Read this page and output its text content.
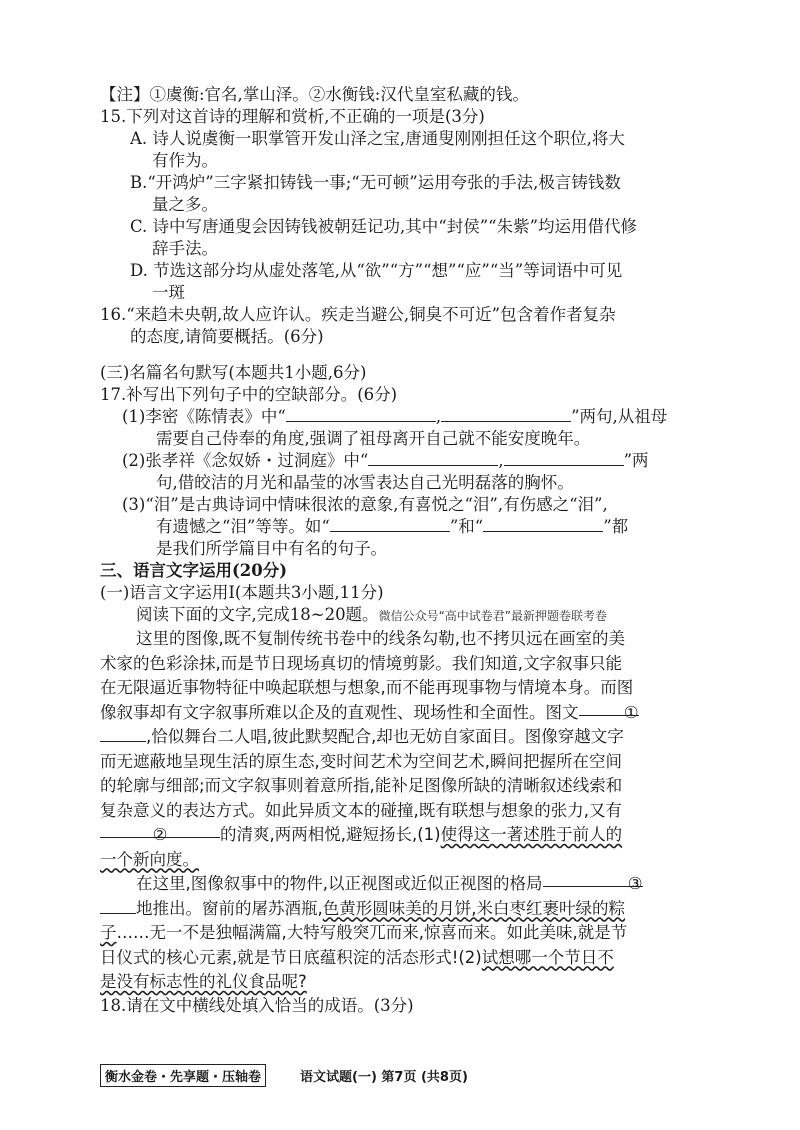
【注】①虞衡:官名,掌山泽。②水衡钱:汉代皇室私藏的钱。
15.下列对这首诗的理解和赏析,不正确的一项是(3分)
A. 诗人说虞衡一职掌管开发山泽之宝,唐通叟刚刚担任这个职位,将大
有作为。
B.“开鸿炉”三字紧扣铸钱一事;“无可顿”运用夸张的手法,极言铸钱数
量之多。
C. 诗中写唐通叟会因铸钱被朝廷记功,其中“封侯”“朱紫”均运用借代修
辞手法。
D. 节选这部分均从虚处落笔,从“欲”“方”“想”“应”“当”等词语中可见
一斑
16.“来趋未央朝,故人应许认。疾走当避公,铜臭不可近”包含着作者复杂
的态度,请简要概括。(6分)
(三)名篇名句默写(本题共1小题,6分)
17.补写出下列句子中的空缺部分。(6分)
(1)李密《陈情表》中“	,	”两句,从祖母
需要自己侍奉的角度,强调了祖母离开自己就不能安度晚年。
(2)张孝祥《念奴娇・过洞庭》中“	,	”两
句,借皎洁的月光和晶莹的冰雪表达自己光明磊落的胸怀。
(3)“泪”是古典诗词中情味很浓的意象,有喜悦之“泪”,有伤感之“泪”,
有遗憾之“泪”等等。如“	”和“	”都
是我们所学篇目中有名的句子。
三、语言文字运用(20分)
(一)语言文字运用Ⅰ(本题共3小题,11分)
阅读下面的文字,完成18~20题。微信公众号“高中试卷君”最新押题卷联考卷
这里的图像,既不复制传统书卷中的线条勾勒,也不拷贝远在画室的美
术家的色彩涂抹,而是节日现场真切的情境剪影。我们知道,文字叙事只能
在无限逼近事物特征中唤起联想与想象,而不能再现事物与情境本身。而图
像叙事却有文字叙事所难以企及的直观性、现场性和全面性。图文	①
,恰似舞台二人唱,彼此默契配合,却也无妨自家面目。图像穿越文字
而无遮蔽地呈现生活的原生态,变时间艺术为空间艺术,瞬间把握所在空间
的轮廓与细部;而文字叙事则着意所指,能补足图像所缺的清晰叙述线索和
复杂意义的表达方式。如此异质文本的碰撞,既有联想与想象的张力,又有
②	的清爽,两两相悦,避短扬长,(1)使得这一著述胜于前人的
一个新向度。
在这里,图像叙事中的物件,以正视图或近似正视图的格局	③
地推出。窗前的屠苏酒瓶,色黄形圆味美的月饼,米白枣红裹叶绿的粽
子……无一不是独幅满篇,大特写般突兀而来,惊喜而来。如此美味,就是节
日仪式的核心元素,就是节日底蕴积淀的活态形式!(2)试想哪一个节日不
是没有标志性的礼仪食品呢?
18.请在文中横线处填入恰当的成语。(3分)
衡水金卷・先享题・压轴卷	语文试题(一) 第7页 (共8页)
